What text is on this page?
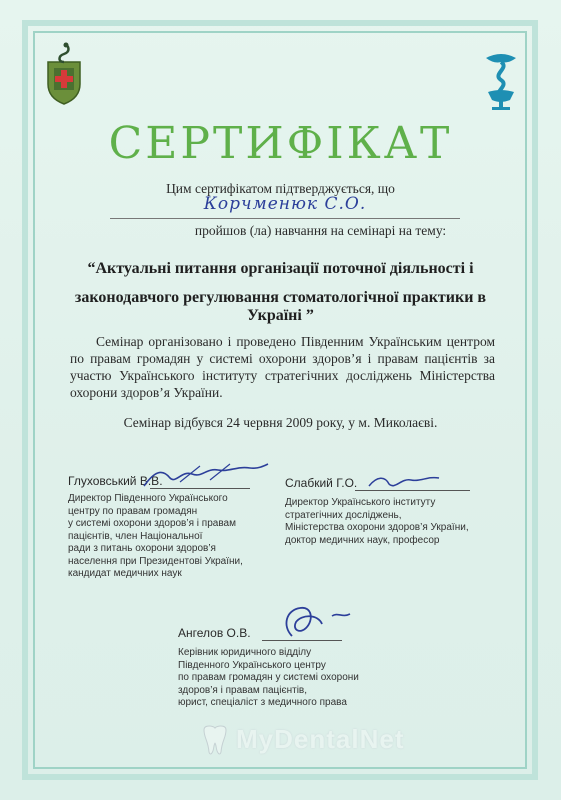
СЕРТИФІКАТ
Цим сертифікатом підтверджується, що
Корчменюк С.О.
пройшов (ла) навчання на семінарі на тему:
“Актуальні питання організації поточної діяльності і
законодавчого регулювання стоматологічної практики в Україні ”
Семінар організовано і проведено Південним Українським центром по правам громадян у системі охорони здоров’я і правам пацієнтів за участю Українського інституту стратегічних досліджень Міністерства охорони здоров’я України.
Семінар відбувся 24 червня 2009 року, у м. Миколаєві.
Глуховський В.В.
Директор Південного Українського
центру по правам громадян
у системі охорони здоров’я і правам
пацієнтів, член Національної
ради з питань охорони здоров’я
населення при Президентові України,
кандидат медичних наук
Слабкий Г.О.
Директор Українського інституту
стратегічних досліджень,
Міністерства охорони здоров’я України,
доктор медичних наук, професор
Ангелов О.В.
Керівник юридичного відділу
Південного Українського центру
по правам громадян у системі охорони
здоров’я і правам пацієнтів,
юрист, спеціаліст з медичного права
MyDentalNet
